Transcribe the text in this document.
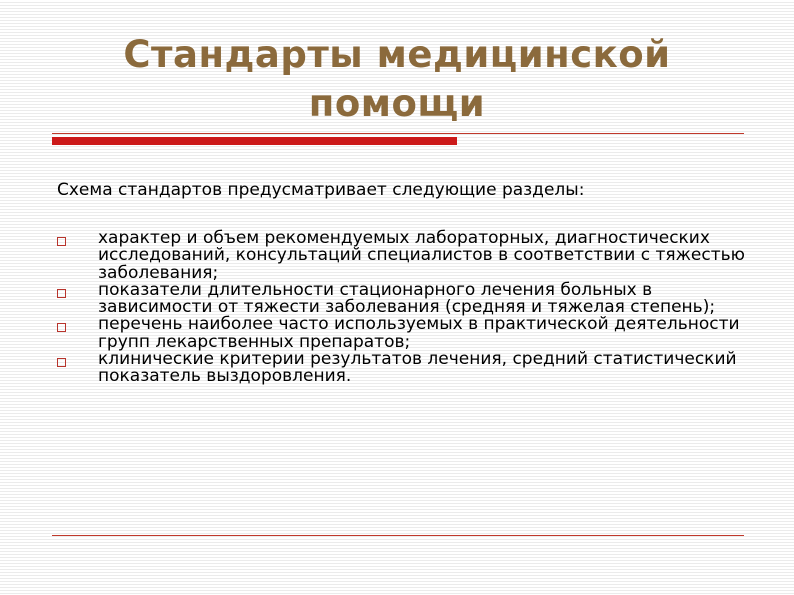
Стандарты медицинской
помощи

Схема стандартов предусматривает следующие разделы:

характер и объем рекомендуемых лабораторных, диагностических исследований, консультаций специалистов в соответствии с тяжестью заболевания;
показатели длительности стационарного лечения больных в зависимости от тяжести заболевания (средняя и тяжелая степень);
перечень наиболее часто используемых в практической деятельности групп лекарственных препаратов;
клинические критерии результатов лечения, средний статистический показатель выздоровления.
